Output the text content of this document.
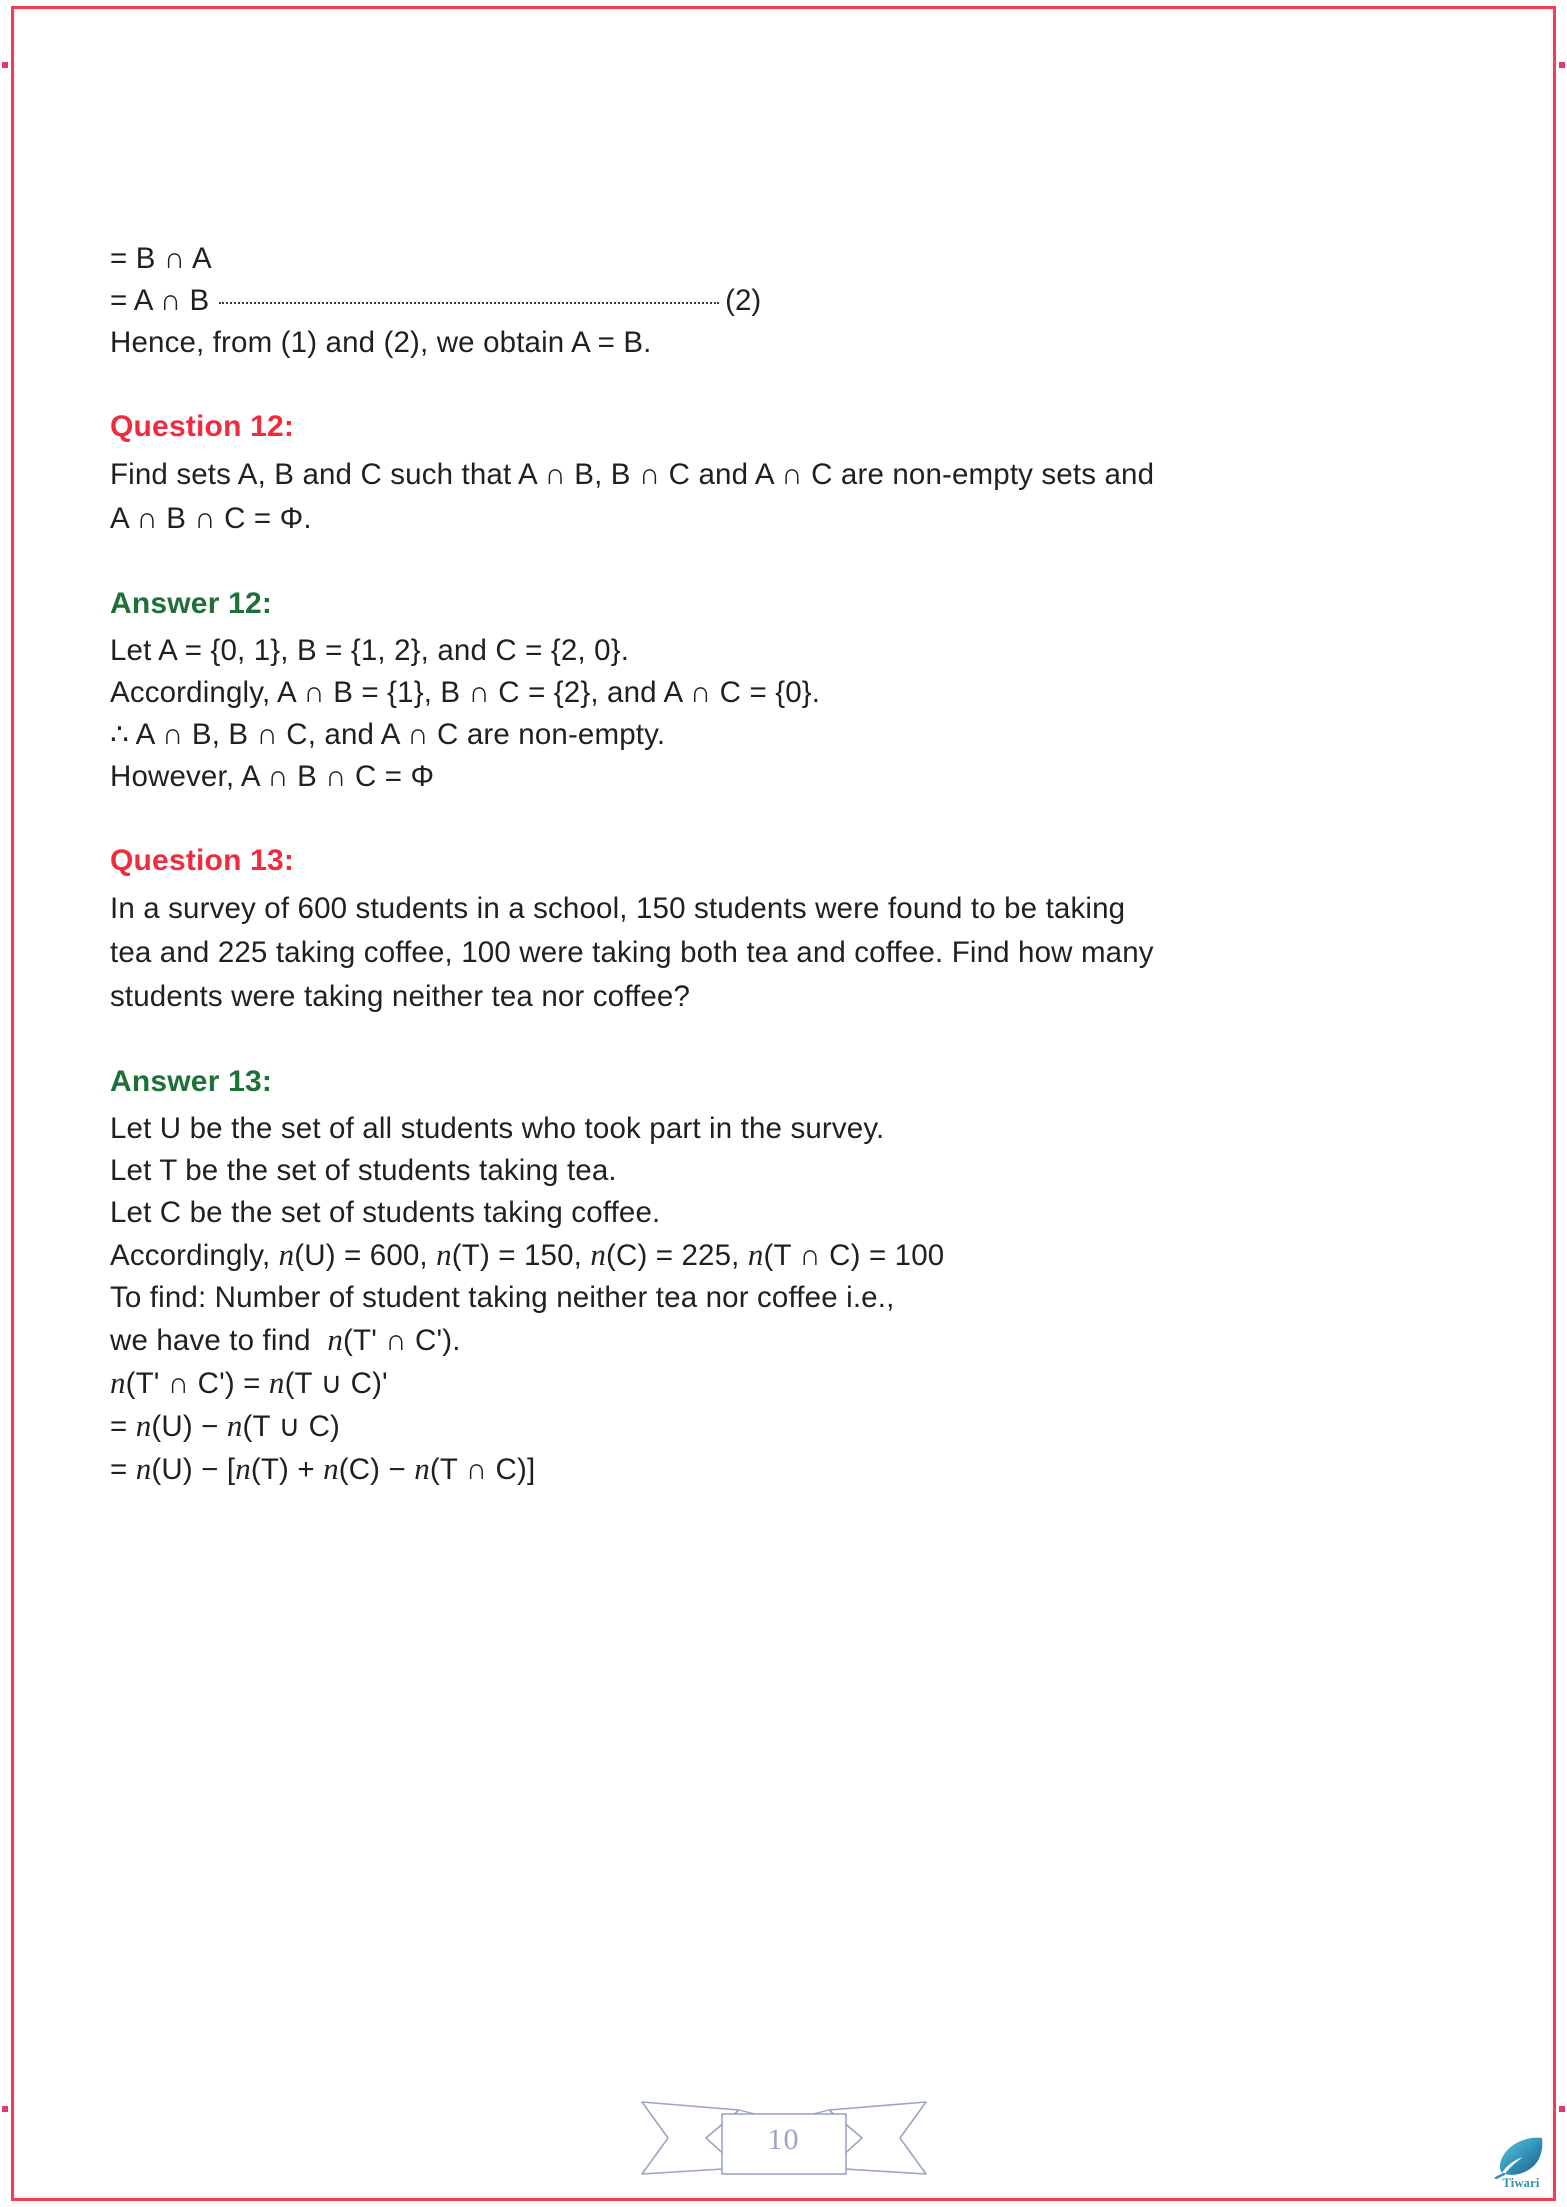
= B ∩ A
= A ∩ B	(2)
Hence, from (1) and (2), we obtain A = B.
Question 12:
Find sets A, B and C such that A ∩ B, B ∩ C and A ∩ C are non-empty sets and
A ∩ B ∩ C = Φ.
Answer 12:
Let A = {0, 1}, B = {1, 2}, and C = {2, 0}.
Accordingly, A ∩ B = {1}, B ∩ C = {2}, and A ∩ C = {0}.
∴ A ∩ B, B ∩ C, and A ∩ C are non-empty.
However, A ∩ B ∩ C = Φ
Question 13:
In a survey of 600 students in a school, 150 students were found to be taking
tea and 225 taking coffee, 100 were taking both tea and coffee. Find how many
students were taking neither tea nor coffee?
Answer 13:
Let U be the set of all students who took part in the survey.
Let T be the set of students taking tea.
Let C be the set of students taking coffee.
Accordingly, n(U) = 600, n(T) = 150, n(C) = 225, n(T ∩ C) = 100
To find: Number of student taking neither tea nor coffee i.e.,
we have to find  n(T' ∩ C').
n(T' ∩ C') = n(T ∪ C)'
= n(U) − n(T ∪ C)
= n(U) − [n(T) + n(C) − n(T ∩ C)]
10
Tiwari
